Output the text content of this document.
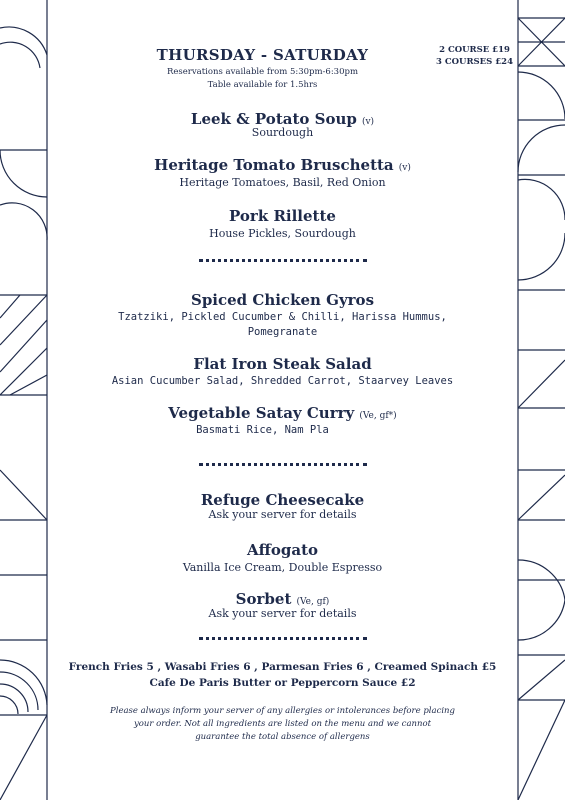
THURSDAY - SATURDAY
Reservations available from 5:30pm-6:30pm
Table available for 1.5hrs
2 COURSE £19
3 COURSES £24
Leek & Potato Soup (v)
Sourdough
Heritage Tomato Bruschetta (v)
Heritage Tomatoes, Basil, Red Onion
Pork Rillette
House Pickles, Sourdough
Spiced Chicken Gyros
Tzatziki, Pickled Cucumber & Chilli, Harissa Hummus,
Pomegranate
Flat Iron Steak Salad
Asian Cucumber Salad, Shredded Carrot, Staarvey Leaves
Vegetable Satay Curry (Ve, gf*)
Basmati Rice, Nam Pla
Refuge Cheesecake
Ask your server for details
Affogato
Vanilla Ice Cream, Double Espresso
Sorbet (Ve, gf)
Ask your server for details
French Fries 5 , Wasabi Fries 6 , Parmesan Fries 6 , Creamed Spinach £5
Cafe De Paris Butter or Peppercorn Sauce £2
Please always inform your server of any allergies or intolerances before placing
your order. Not all ingredients are listed on the menu and we cannot
guarantee the total absence of allergens
